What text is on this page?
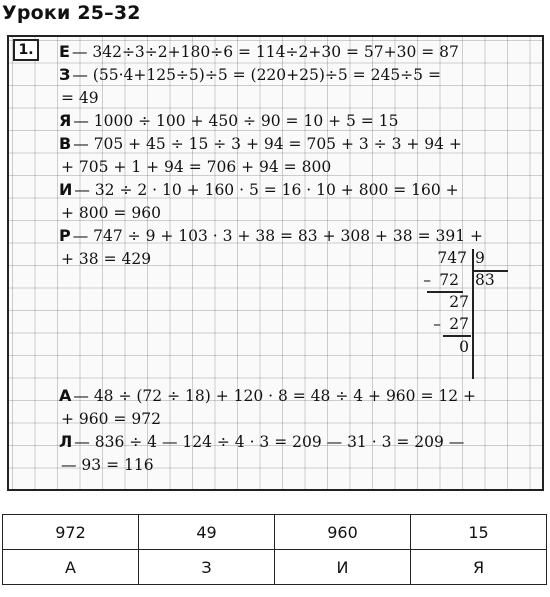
Уроки 25–32
1.	Е — 342÷3÷2+180÷6 = 114÷2+30 = 57+30 = 87
З — (55·4+125÷5)÷5 = (220+25)÷5 = 245÷5 =
= 49
Я — 1000 ÷ 100 + 450 ÷ 90 = 10 + 5 = 15
В — 705 + 45 ÷ 15 ÷ 3 + 94 = 705 + 3 ÷ 3 + 94 +
+ 705 + 1 + 94 = 706 + 94 = 800
И — 32 ÷ 2 · 10 + 160 · 5 = 16 · 10 + 800 = 160 +
+ 800 = 960
Р — 747 ÷ 9 + 103 · 3 + 38 = 83 + 308 + 38 = 391 +
+ 38 = 429	747 9
– 72 83
27
– 27
0
А — 48 ÷ (72 ÷ 18) + 120 · 8 = 48 ÷ 4 + 960 = 12 +
+ 960 = 972
Л — 836 ÷ 4 — 124 ÷ 4 · 3 = 209 — 31 · 3 = 209 —
— 93 = 116
972	49	960	15
А	З	И	Я
